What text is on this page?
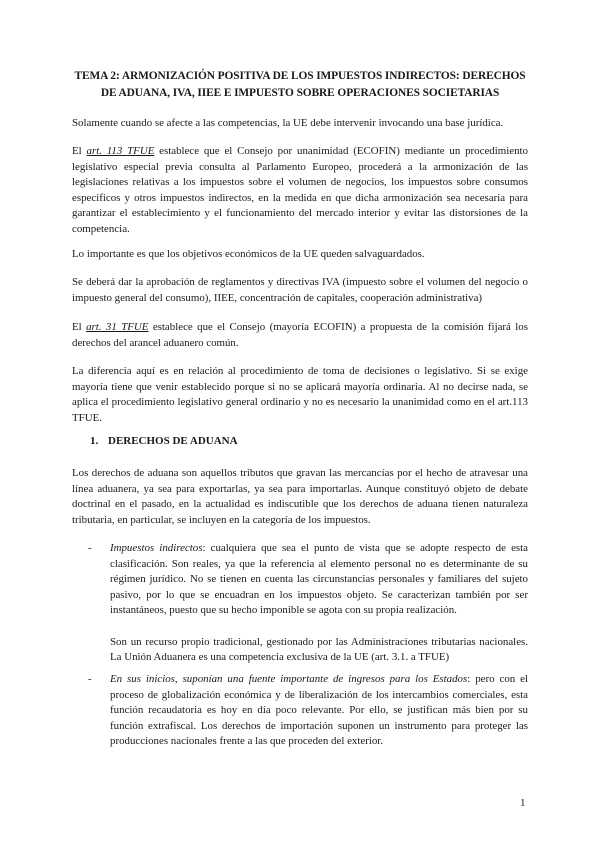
TEMA 2: ARMONIZACIÓN POSITIVA DE LOS IMPUESTOS INDIRECTOS: DERECHOS DE ADUANA, IVA, IIEE E IMPUESTO SOBRE OPERACIONES SOCIETARIAS

Solamente cuando se afecte a las competencias, la UE debe intervenir invocando una base jurídica.

El art. 113 TFUE establece que el Consejo por unanimidad (ECOFIN) mediante un procedimiento legislativo especial previa consulta al Parlamento Europeo, procederá a la armonización de las legislaciones relativas a los impuestos sobre el volumen de negocios, los impuestos sobre consumos específicos y otros impuestos indirectos, en la medida en que dicha armonización sea necesaria para garantizar el establecimiento y el funcionamiento del mercado interior y evitar las distorsiones de la competencia.

Lo importante es que los objetivos económicos de la UE queden salvaguardados.

Se deberá dar la aprobación de reglamentos y directivas IVA (impuesto sobre el volumen del negocio o impuesto general del consumo), IIEE, concentración de capitales, cooperación administrativa)

El art. 31 TFUE establece que el Consejo (mayoría ECOFIN) a propuesta de la comisión fijará los derechos del arancel aduanero común.

La diferencia aquí es en relación al procedimiento de toma de decisiones o legislativo. Si se exige mayoría tiene que venir establecido porque si no se aplicará mayoría ordinaria. Al no decirse nada, se aplica el procedimiento legislativo general ordinario y no es necesario la unanimidad como en el art.113 TFUE.

1. DERECHOS DE ADUANA

Los derechos de aduana son aquellos tributos que gravan las mercancías por el hecho de atravesar una línea aduanera, ya sea para exportarlas, ya sea para importarlas. Aunque constituyó objeto de debate doctrinal en el pasado, en la actualidad es indiscutible que los derechos de aduana tienen naturaleza tributaria, en particular, se incluyen en la categoría de los impuestos.

- Impuestos indirectos: cualquiera que sea el punto de vista que se adopte respecto de esta clasificación. Son reales, ya que la referencia al elemento personal no es determinante de su régimen jurídico. No se tienen en cuenta las circunstancias personales y familiares del sujeto pasivo, por lo que se encuadran en los impuestos objeto. Se caracterizan también por ser instantáneos, puesto que su hecho imponible se agota con su propia realización.
Son un recurso propio tradicional, gestionado por las Administraciones tributarias nacionales. La Unión Aduanera es una competencia exclusiva de la UE (art. 3.1. a TFUE)
- En sus inicios, suponían una fuente importante de ingresos para los Estados: pero con el proceso de globalización económica y de liberalización de los intercambios comerciales, esta función recaudatoria es hoy en día poco relevante. Por ello, se justifican más bien por su función extrafiscal. Los derechos de importación suponen un instrumento para proteger las producciones nacionales frente a las que proceden del exterior.
1
